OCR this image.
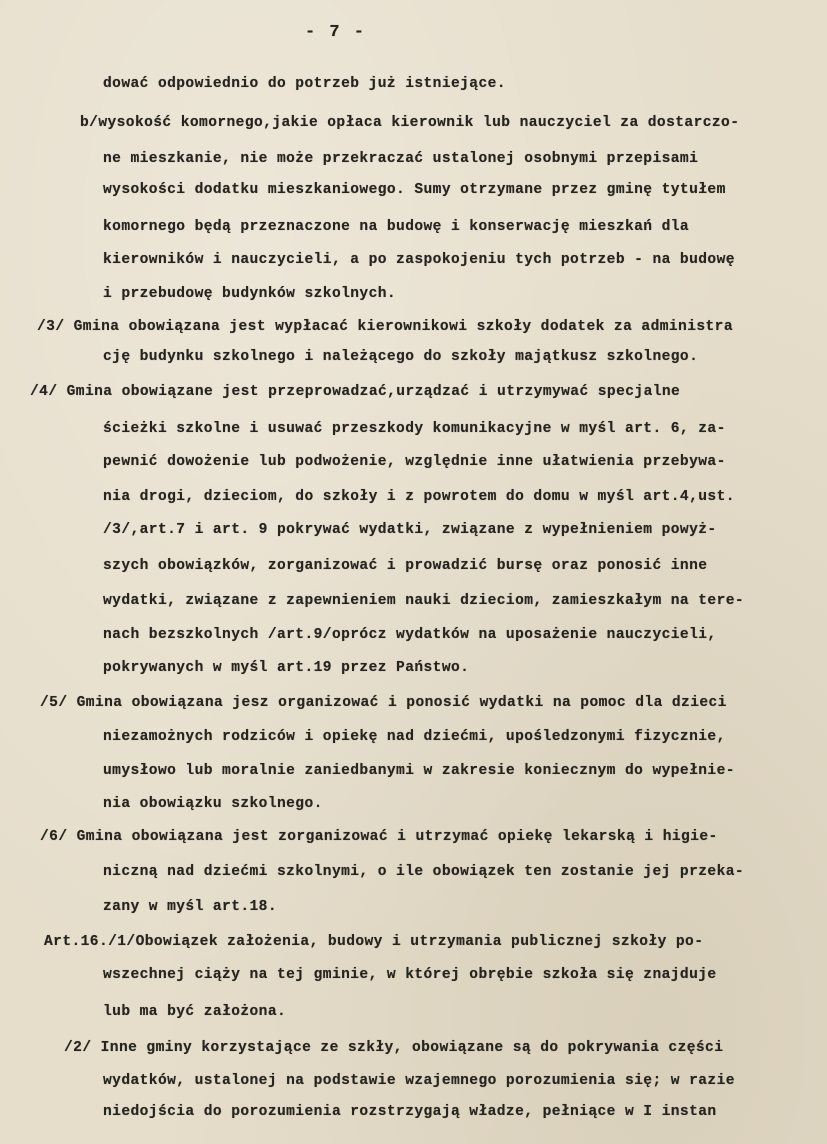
- 7 -
dować odpowiednio do potrzeb już istniejące.
b/wysokość komornego,jakie opłaca kierownik lub nauczyciel za dostarczo-
ne mieszkanie, nie może przekraczać ustalonej osobnymi przepisami
wysokości dodatku mieszkaniowego. Sumy otrzymane przez gminę tytułem
komornego będą przeznaczone na budowę i konserwację mieszkań dla
kierowników i nauczycieli, a po zaspokojeniu tych potrzeb - na budowę
i przebudowę budynków szkolnych.
/3/ Gmina obowiązana jest wypłacać kierownikowi szkoły dodatek za administra
cję budynku szkolnego i należącego do szkoły majątkusz szkolnego.
/4/ Gmina obowiązane jest przeprowadzać,urządzać i utrzymywać specjalne
ścieżki szkolne i usuwać przeszkody komunikacyjne w myśl art. 6, za-
pewnić dowożenie lub podwożenie, względnie inne ułatwienia przebywa-
nia drogi, dzieciom, do szkoły i z powrotem do domu w myśl art.4,ust.
/3/,art.7 i art. 9 pokrywać wydatki, związane z wypełnieniem powyż-
szych obowiązków, zorganizować i prowadzić bursę oraz ponosić inne
wydatki, związane z zapewnieniem nauki dzieciom, zamieszkałym na tere-
nach bezszkolnych /art.9/oprócz wydatków na uposażenie nauczycieli,
pokrywanych w myśl art.19 przez Państwo.
/5/ Gmina obowiązana jesz organizować i ponosić wydatki na pomoc dla dzieci
niezamożnych rodziców i opiekę nad dziećmi, upośledzonymi fizycznie,
umysłowo lub moralnie zaniedbanymi w zakresie koniecznym do wypełnie-
nia obowiązku szkolnego.
/6/ Gmina obowiązana jest zorganizować i utrzymać opiekę lekarską i higie-
niczną nad dziećmi szkolnymi, o ile obowiązek ten zostanie jej przeka-
zany w myśl art.18.
Art.16./1/Obowiązek założenia, budowy i utrzymania publicznej szkoły po-
wszechnej ciąży na tej gminie, w której obrębie szkoła się znajduje
lub ma być założona.
/2/ Inne gminy korzystające ze szkły, obowiązane są do pokrywania części
wydatków, ustalonej na podstawie wzajemnego porozumienia się; w razie
niedojścia do porozumienia rozstrzygają władze, pełniące w I instan
